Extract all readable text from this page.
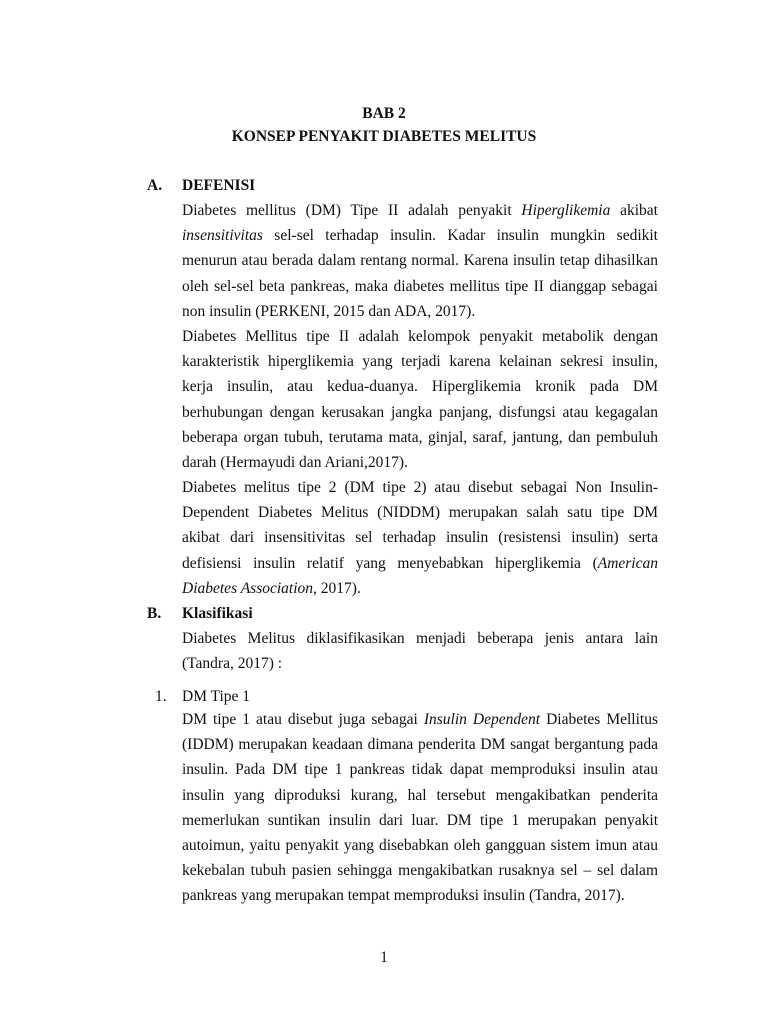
BAB 2
KONSEP PENYAKIT DIABETES MELITUS
A. DEFENISI
Diabetes mellitus (DM) Tipe II adalah penyakit Hiperglikemia akibat
insensitivitas sel-sel terhadap insulin. Kadar insulin mungkin sedikit
menurun atau berada dalam rentang normal. Karena insulin tetap dihasilkan
oleh sel-sel beta pankreas, maka diabetes mellitus tipe II dianggap sebagai
non insulin (PERKENI, 2015 dan ADA, 2017).
Diabetes Mellitus tipe II adalah kelompok penyakit metabolik dengan
karakteristik hiperglikemia yang terjadi karena kelainan sekresi insulin,
kerja insulin, atau kedua-duanya. Hiperglikemia kronik pada DM
berhubungan dengan kerusakan jangka panjang, disfungsi atau kegagalan
beberapa organ tubuh, terutama mata, ginjal, saraf, jantung, dan pembuluh
darah (Hermayudi dan Ariani,2017).
Diabetes melitus tipe 2 (DM tipe 2) atau disebut sebagai Non Insulin-
Dependent Diabetes Melitus (NIDDM) merupakan salah satu tipe DM
akibat dari insensitivitas sel terhadap insulin (resistensi insulin) serta
defisiensi insulin relatif yang menyebabkan hiperglikemia (American
Diabetes Association, 2017).
B. Klasifikasi
Diabetes Melitus diklasifikasikan menjadi beberapa jenis antara lain
(Tandra, 2017) :
1. DM Tipe 1
DM tipe 1 atau disebut juga sebagai Insulin Dependent Diabetes Mellitus
(IDDM) merupakan keadaan dimana penderita DM sangat bergantung pada
insulin. Pada DM tipe 1 pankreas tidak dapat memproduksi insulin atau
insulin yang diproduksi kurang, hal tersebut mengakibatkan penderita
memerlukan suntikan insulin dari luar. DM tipe 1 merupakan penyakit
autoimun, yaitu penyakit yang disebabkan oleh gangguan sistem imun atau
kekebalan tubuh pasien sehingga mengakibatkan rusaknya sel – sel dalam
pankreas yang merupakan tempat memproduksi insulin (Tandra, 2017).
1
